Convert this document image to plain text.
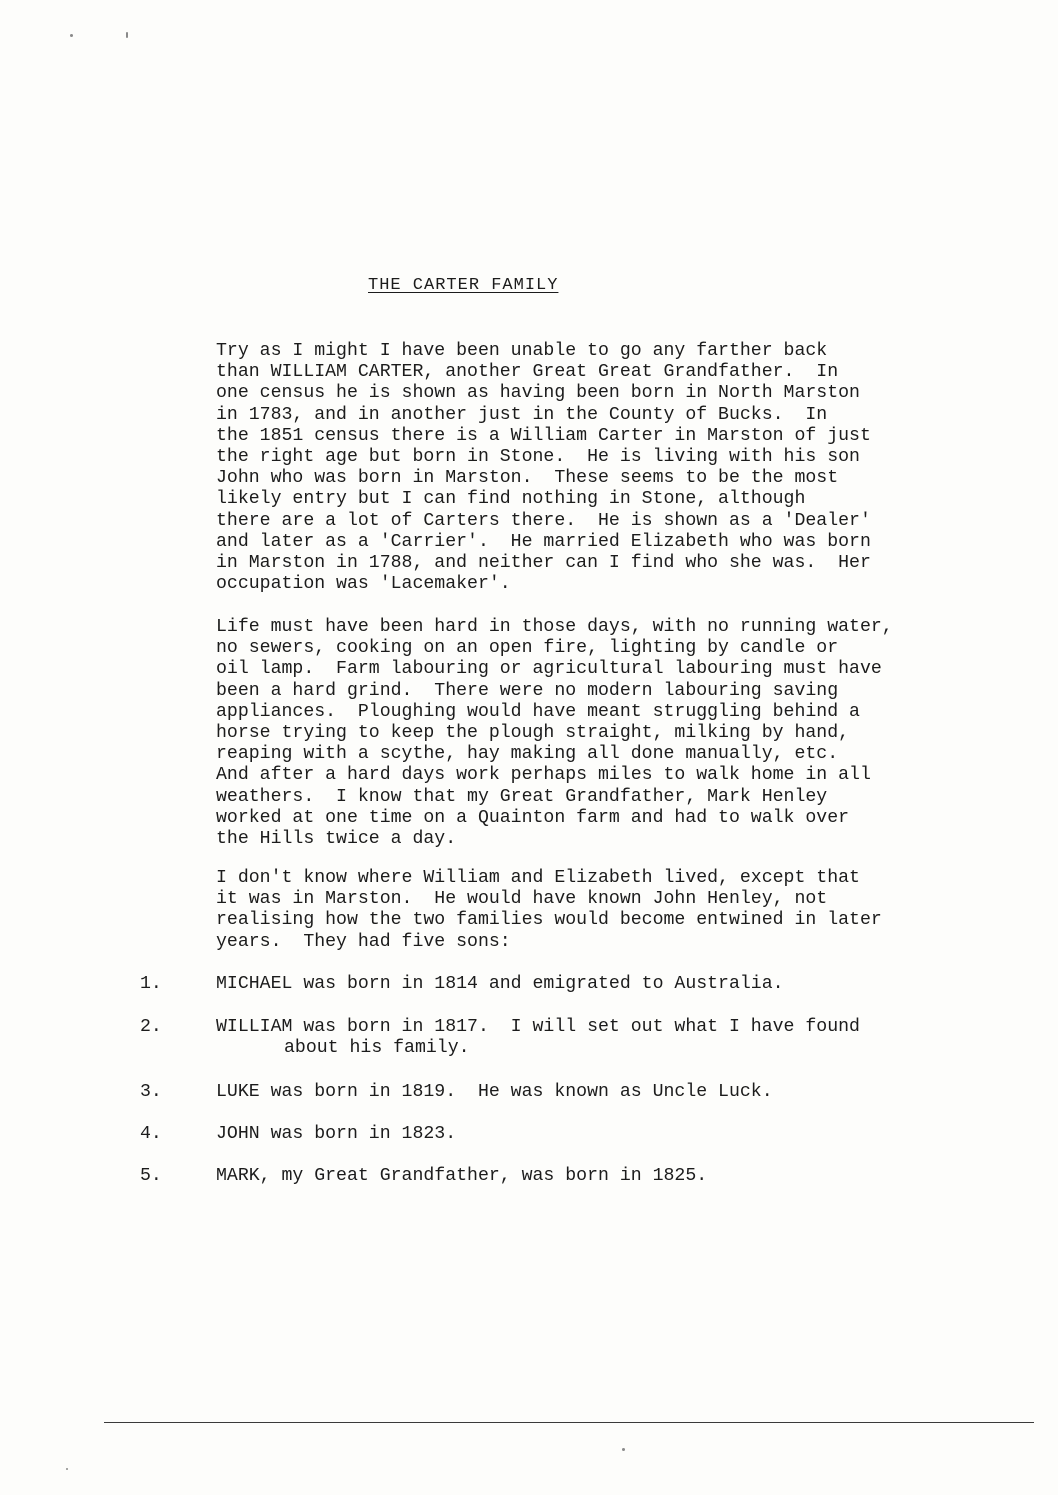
THE CARTER FAMILY
Try as I might I have been unable to go any farther back
than WILLIAM CARTER, another Great Great Grandfather.  In
one census he is shown as having been born in North Marston
in 1783, and in another just in the County of Bucks.  In
the 1851 census there is a William Carter in Marston of just
the right age but born in Stone.  He is living with his son
John who was born in Marston.  These seems to be the most
likely entry but I can find nothing in Stone, although
there are a lot of Carters there.  He is shown as a 'Dealer'
and later as a 'Carrier'.  He married Elizabeth who was born
in Marston in 1788, and neither can I find who she was.  Her
occupation was 'Lacemaker'.
Life must have been hard in those days, with no running water,
no sewers, cooking on an open fire, lighting by candle or
oil lamp.  Farm labouring or agricultural labouring must have
been a hard grind.  There were no modern labouring saving
appliances.  Ploughing would have meant struggling behind a
horse trying to keep the plough straight, milking by hand,
reaping with a scythe, hay making all done manually, etc.
And after a hard days work perhaps miles to walk home in all
weathers.  I know that my Great Grandfather, Mark Henley
worked at one time on a Quainton farm and had to walk over
the Hills twice a day.
I don't know where William and Elizabeth lived, except that
it was in Marston.  He would have known John Henley, not
realising how the two families would become entwined in later
years.  They had five sons:
1.	MICHAEL was born in 1814 and emigrated to Australia.
2.	WILLIAM was born in 1817.  I will set out what I have found
about his family.
3.	LUKE was born in 1819.  He was known as Uncle Luck.
4.	JOHN was born in 1823.
5.	MARK, my Great Grandfather, was born in 1825.
